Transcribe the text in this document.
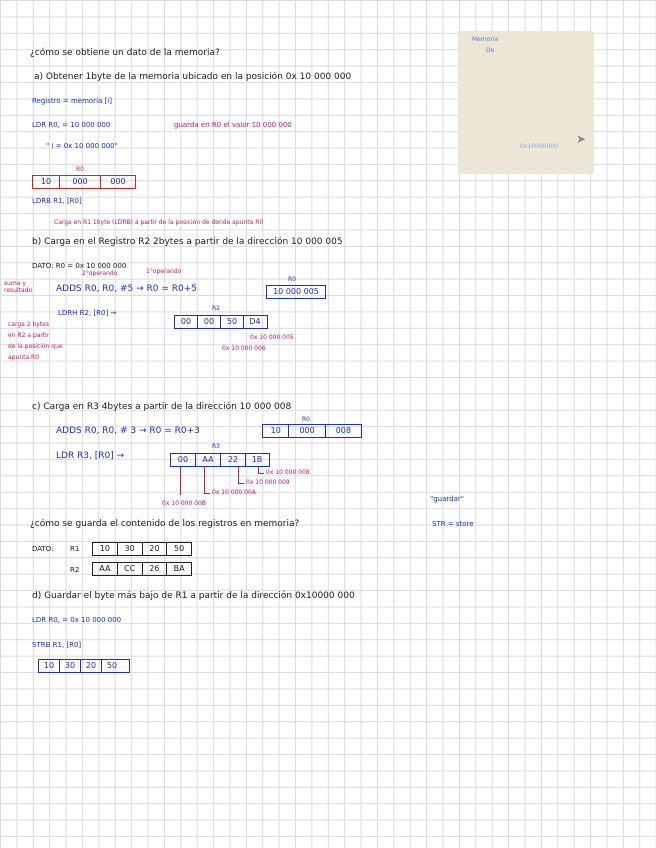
Memoria
De
0x10000000
➤
¿cómo se obtiene un dato de la memoria?
a) Obtener 1byte de la memoria ubicado en la posición 0x 10 000 000
Registro = memoria [i]
LDR R0, = 10 000 000	guarda en R0 el valor 10 000 000
" i = 0x 10 000 000"
R0
10	000	000
LDRB R1, [R0]
Carga en R1 1byte (LDRB) a partir de la posición de donde apunta R0
b) Carga en el Registro R2 2bytes a partir de la dirección 10 000 005
DATO: R0 = 0x 10 000 000
2°operando	1°operando
suma y resultado	ADDS R0, R0, #5 → R0 = R0+5
R0
10 000 005
LDRH R2, [R0] →
R2
00	00	50	D4
0x 10 000 005
0x 10 000 006
carga 2 bytes
en R2 a partir
de la posición que
apunta R0
c) Carga en R3 4bytes a partir de la dirección 10 000 008
ADDS R0, R0, # 3 → R0 = R0+3
R0
10	000	008
LDR R3, [R0] →
R3
00	AA	22	1B
0x 10 000 008
0x 10 000 009
0x 10 000 00A
0x 10 000 00B
"guardar"
STR = store
¿cómo se guarda el contenido de los registros en memoria?
DATO: R1	10	30	20	50
R2	AA	CC	26	BA
d) Guardar el byte más bajo de R1 a partir de la dirección 0x10000 000
LDR R0, = 0x 10 000 000
STRB R1, [R0]
10	30	20	50
